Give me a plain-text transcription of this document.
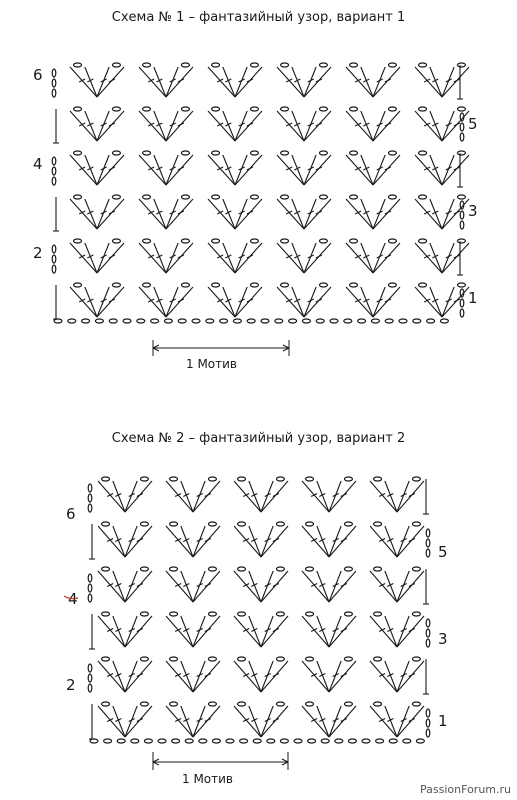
Схема № 1 – фантазийный узор, вариант 1
Схема № 2 – фантазийный узор, вариант 2
1
2
3
4
5
6
1 Мотив
1
2
3
4
5
6
1 Мотив
PassionForum.ru
